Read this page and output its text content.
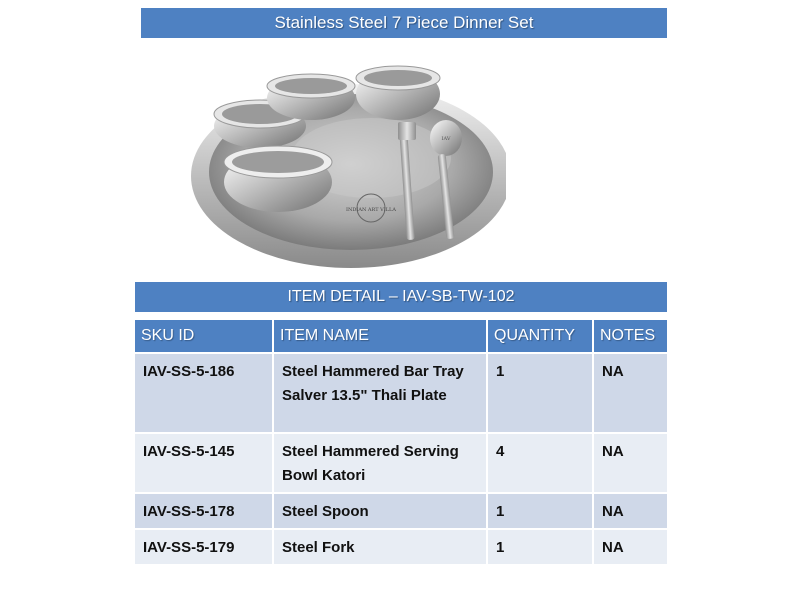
Stainless Steel 7 Piece Dinner Set
IAV
INDIAN ART VILLA
ITEM DETAIL – IAV-SB-TW-102
SKU ID	ITEM NAME	QUANTITY	NOTES
IAV-SS-5-186	Steel Hammered Bar Tray Salver 13.5" Thali Plate	1	NA
IAV-SS-5-145	Steel Hammered Serving Bowl Katori	4	NA
IAV-SS-5-178	Steel Spoon	1	NA
IAV-SS-5-179	Steel Fork	1	NA
